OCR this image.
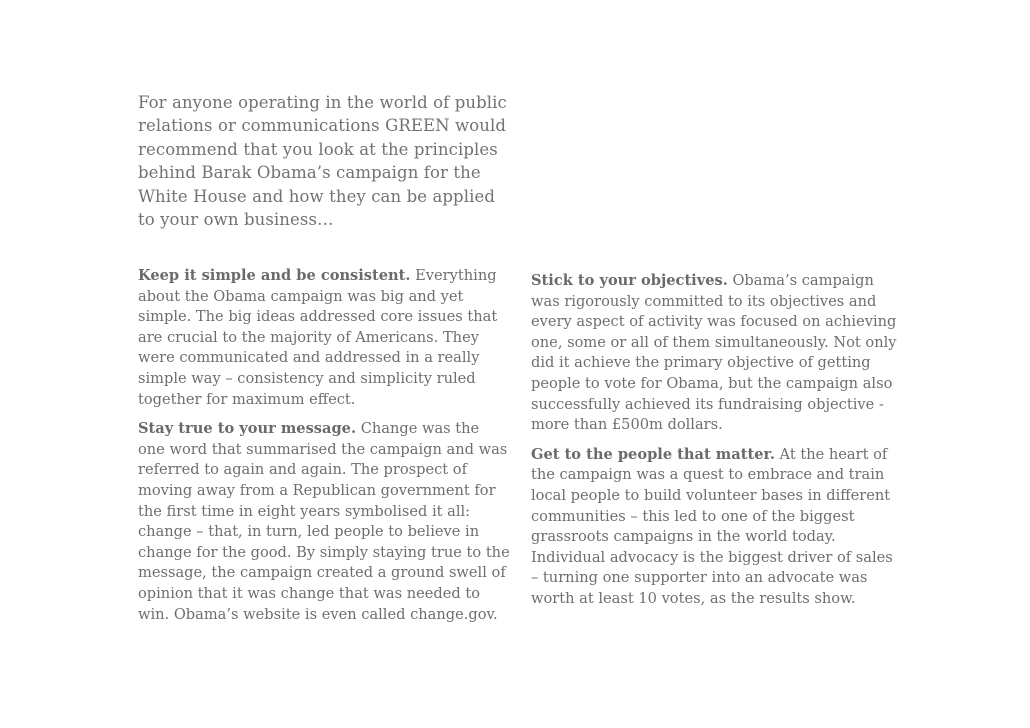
For anyone operating in the world of public relations or communications GREEN would recommend that you look at the principles behind Barak Obama’s campaign for the White House and how they can be applied to your own business…

Keep it simple and be consistent. Everything about the Obama campaign was big and yet simple. The big ideas addressed core issues that are crucial to the majority of Americans. They were communicated and addressed in a really simple way – consistency and simplicity ruled together for maximum effect.

Stay true to your message. Change was the one word that summarised the campaign and was referred to again and again. The prospect of moving away from a Republican government for the first time in eight years symbolised it all: change – that, in turn, led people to believe in change for the good. By simply staying true to the message, the campaign created a ground swell of opinion that it was change that was needed to win. Obama’s website is even called change.gov.

Stick to your objectives. Obama’s campaign was rigorously committed to its objectives and every aspect of activity was focused on achieving one, some or all of them simultaneously. Not only did it achieve the primary objective of getting people to vote for Obama, but the campaign also successfully achieved its fundraising objective - more than £500m dollars.

Get to the people that matter. At the heart of the campaign was a quest to embrace and train local people to build volunteer bases in different communities – this led to one of the biggest grassroots campaigns in the world today. Individual advocacy is the biggest driver of sales – turning one supporter into an advocate was worth at least 10 votes, as the results show.
